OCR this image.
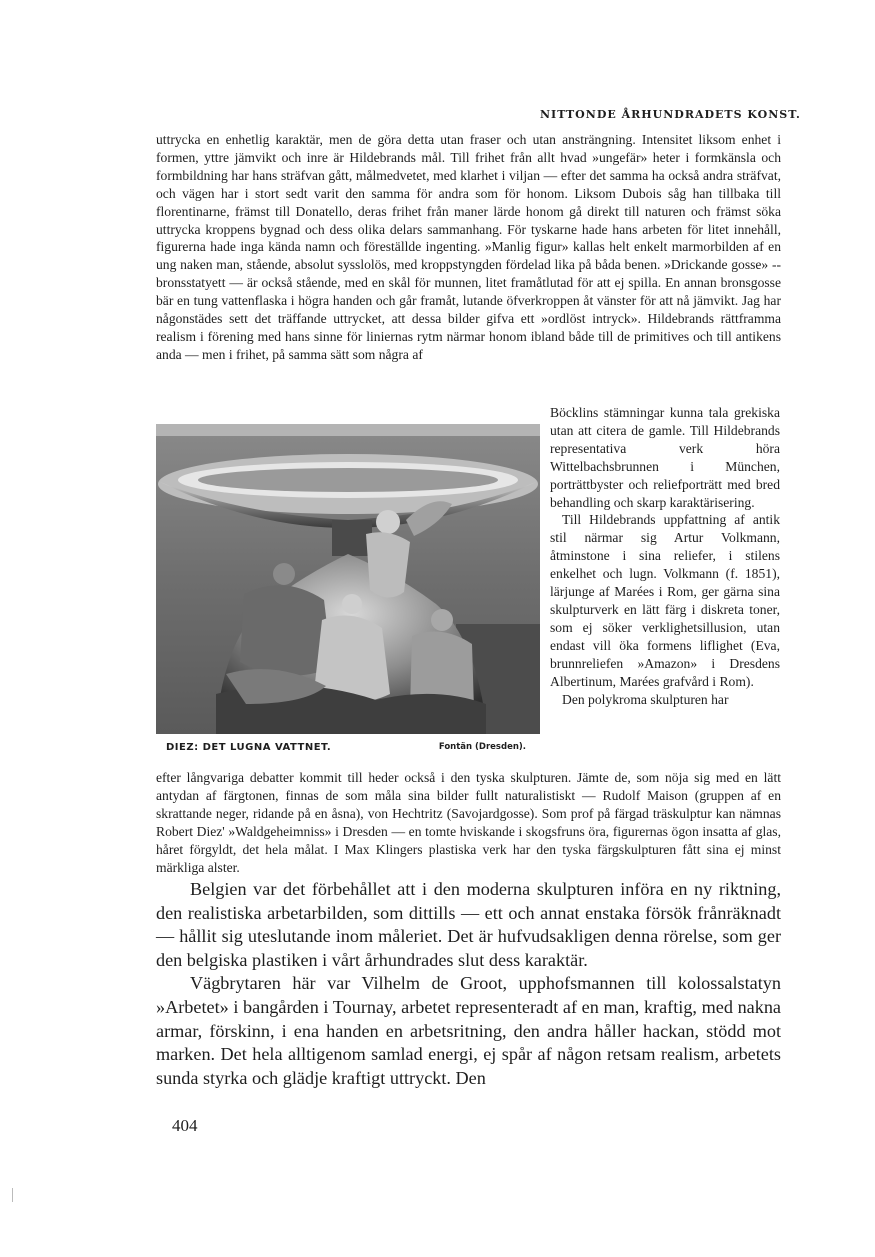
NITTONDE ÅRHUNDRADETS KONST.

uttrycka en enhetlig karaktär, men de göra detta utan fraser och utan ansträngning. Intensitet liksom enhet i formen, yttre jämvikt och inre är Hildebrands mål. Till frihet från allt hvad »ungefär» heter i formkänsla och formbildning har hans sträfvan gått, målmedvetet, med klarhet i viljan — efter det samma ha också andra sträfvat, och vägen har i stort sedt varit den samma för andra som för honom. Liksom Dubois såg han tillbaka till florentinarne, främst till Donatello, deras frihet från maner lärde honom gå direkt till naturen och främst söka uttrycka kroppens bygnad och dess olika delars sammanhang. För tyskarne hade hans arbeten för litet innehåll, figurerna hade inga kända namn och föreställde ingenting. »Manlig figur» kallas helt enkelt marmorbilden af en ung naken man, stående, absolut sysslolös, med kroppstyngden fördelad lika på båda benen. »Drickande gosse» -- bronsstatyett — är också stående, med en skål för munnen, litet framåtlutad för att ej spilla. En annan bronsgosse bär en tung vattenflaska i högra handen och går framåt, lutande öfverkroppen åt vänster för att nå jämvikt. Jag har någonstädes sett det träffande uttrycket, att dessa bilder gifva ett »ordlöst intryck». Hildebrands rättframma realism i förening med hans sinne för liniernas rytm närmar honom ibland både till de primitives och till antikens anda — men i frihet, på samma sätt som några af

DIEZ: DET LUGNA VATTNET.	Fontän (Dresden).

Böcklins stämningar kunna tala grekiska utan att citera de gamle. Till Hildebrands representativa verk höra Wittelbachsbrunnen i München, porträttbyster och reliefporträtt med bred behandling och skarp karaktärisering.

Till Hildebrands uppfattning af antik stil närmar sig Artur Volkmann, åtminstone i sina reliefer, i stilens enkelhet och lugn. Volkmann (f. 1851), lärjunge af Marées i Rom, ger gärna sina skulpturverk en lätt färg i diskreta toner, som ej söker verklighetsillusion, utan endast vill öka formens liflighet (Eva, brunnreliefen »Amazon» i Dresdens Albertinum, Marées grafvård i Rom).

Den polykroma skulpturen har

efter långvariga debatter kommit till heder också i den tyska skulpturen. Jämte de, som nöja sig med en lätt antydan af färgtonen, finnas de som måla sina bilder fullt naturalistiskt — Rudolf Maison (gruppen af en skrattande neger, ridande på en åsna), von Hechtritz (Savojardgosse). Som prof på färgad träskulptur kan nämnas Robert Diez' »Waldgeheimniss» i Dresden — en tomte hviskande i skogsfruns öra, figurernas ögon insatta af glas, håret förgyldt, det hela målat. I Max Klingers plastiska verk har den tyska färgskulpturen fått sina ej minst märkliga alster.

Belgien var det förbehållet att i den moderna skulpturen införa en ny riktning, den realistiska arbetarbilden, som dittills — ett och annat enstaka försök frånräknadt — hållit sig uteslutande inom måleriet. Det är hufvudsakligen denna rörelse, som ger den belgiska plastiken i vårt århundrades slut dess karaktär.

Vägbrytaren här var Vilhelm de Groot, upphofsmannen till kolossalstatyn »Arbetet» i bangården i Tournay, arbetet representeradt af en man, kraftig, med nakna armar, förskinn, i ena handen en arbetsritning, den andra håller hackan, stödd mot marken. Det hela alltigenom samlad energi, ej spår af någon retsam realism, arbetets sunda styrka och glädje kraftigt uttryckt. Den

404
